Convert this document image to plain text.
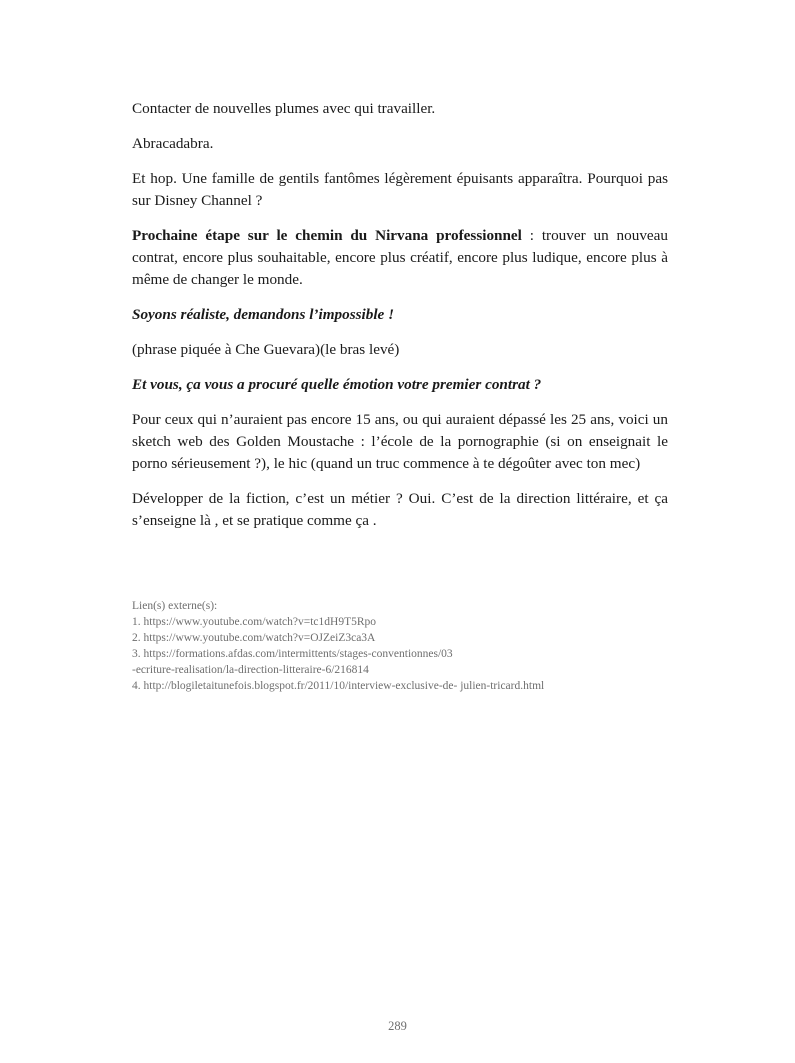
Contacter de nouvelles plumes avec qui travailler.

Abracadabra.

Et hop. Une famille de gentils fantômes légèrement épuisants apparaîtra. Pourquoi pas sur Disney Channel ?

Prochaine étape sur le chemin du Nirvana professionnel : trouver un nouveau contrat, encore plus souhaitable, encore plus créatif, encore plus ludique, encore plus à même de changer le monde.

Soyons réaliste, demandons l’impossible !

(phrase piquée à Che Guevara)(le bras levé)

Et vous, ça vous a procuré quelle émotion votre premier contrat ?

Pour ceux qui n’auraient pas encore 15 ans, ou qui auraient dépassé les 25 ans, voici un sketch web des Golden Moustache : l’école de la pornographie (si on enseignait le porno sérieusement ?), le hic (quand un truc commence à te dégoûter avec ton mec)

Développer de la fiction, c’est un métier ? Oui. C’est de la direction littéraire, et ça s’enseigne là , et se pratique comme ça .

Lien(s) externe(s):
1. https://www.youtube.com/watch?v=tc1dH9T5Rpo
2. https://www.youtube.com/watch?v=OJZeiZ3ca3A
3. https://formations.afdas.com/intermittents/stages-conventionnes/03
-ecriture-realisation/la-direction-litteraire-6/216814
4. http://blogiletaitunefois.blogspot.fr/2011/10/interview-exclusive-de- julien-tricard.html
289
